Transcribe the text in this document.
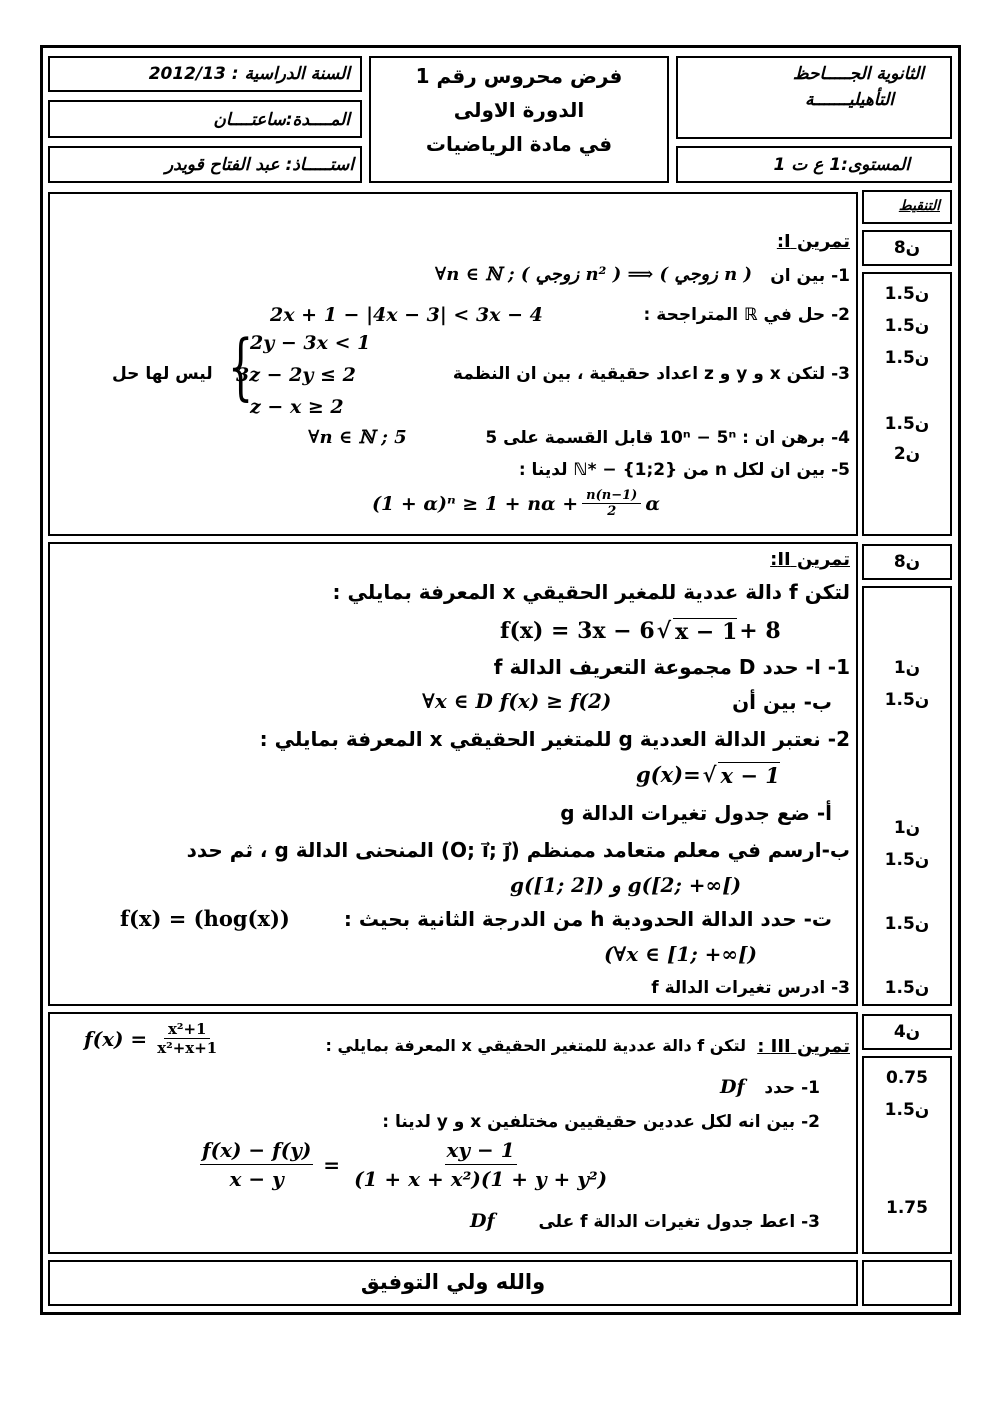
السنة الدراسية : 2012/13
المــــدة:ساعتــــان
استـــــاذ: عبد الفتاح قويدر
فرض محروس رقم 1
الدورة الاولى
في مادة الرياضيات
الثانوية الجـــــاحظ
التأهيليـــــــة
المستوى:1 ع ت 1
التنقيط
8ن
1.5ن
1.5ن
1.5ن
1.5ن
2ن
تمرين I:
1- بين ان
∀n ∈ ℕ ; ( زوجي n² ) ⟹ ( زوجي n )
2- حل في ℝ المتراجحة :
2x + 1 − |4x − 3| < 3x − 4
3- لتكن x و y و z اعداد حقيقية ، بين ان النظمة
{
2y − 3x < 1
3z − 2y ≤ 2
z − x ≥ 2
ليس لها حل
4- برهن ان : 10ⁿ − 5ⁿ قابل القسمة على 5
∀n ∈ ℕ ; 5
5- بين ان لكل n من ℕ* − {1;2} لدينا :
$(1 + \alpha)^n \ge 1 + n\alpha + \frac{n(n-1)}{2}$ α
8ن
1ن
1.5ن
1ن
1.5ن
1.5ن
1.5ن
تمرين II:
لتكن f دالة عددية للمغير الحقيقي x المعرفة بمايلي :
f(x) = 3x − 6 √ x − 1 + 8
1- ا- حدد D مجموعة التعريف الدالة f
ب- بين أن
∀x ∈ D f(x) ≥ f(2)
2- نعتبر الدالة العددية g للمتغير الحقيقي x المعرفة بمايلي :
g(x)= √ x − 1
أ- ضع جدول تغيرات الدالة g
ب-ارسم في معلم متعامد ممنظم (O; i⃗; j⃗) المنحنى الدالة g ، ثم حدد
g([1; 2]) و g([2; +∞[)
ت- حدد الدالة الحدودية h من الدرجة الثانية بحيث :
f(x) = (hog(x))
(∀x ∈ [1; +∞[)
3- ادرس تغيرات الدالة f
4ن
0.75
1.5ن
1.75
تمرين III :
لتكن f دالة عددية للمتغير الحقيقي x المعرفة بمايلي :
$f(x) = \frac{\text{x²+1}}{\text{x²+x+1}}$
1- حدد
Df
2- بين انه لكل عددين حقيقيين مختلفين x و y لدينا :
$\frac{f(x) - f(y)}{x - y} = \frac{xy - 1}{\text{(1 + x + x²)(1 + y + y²)}}$
3- اعط جدول تغيرات الدالة f على
Df
والله ولي التوفيق
